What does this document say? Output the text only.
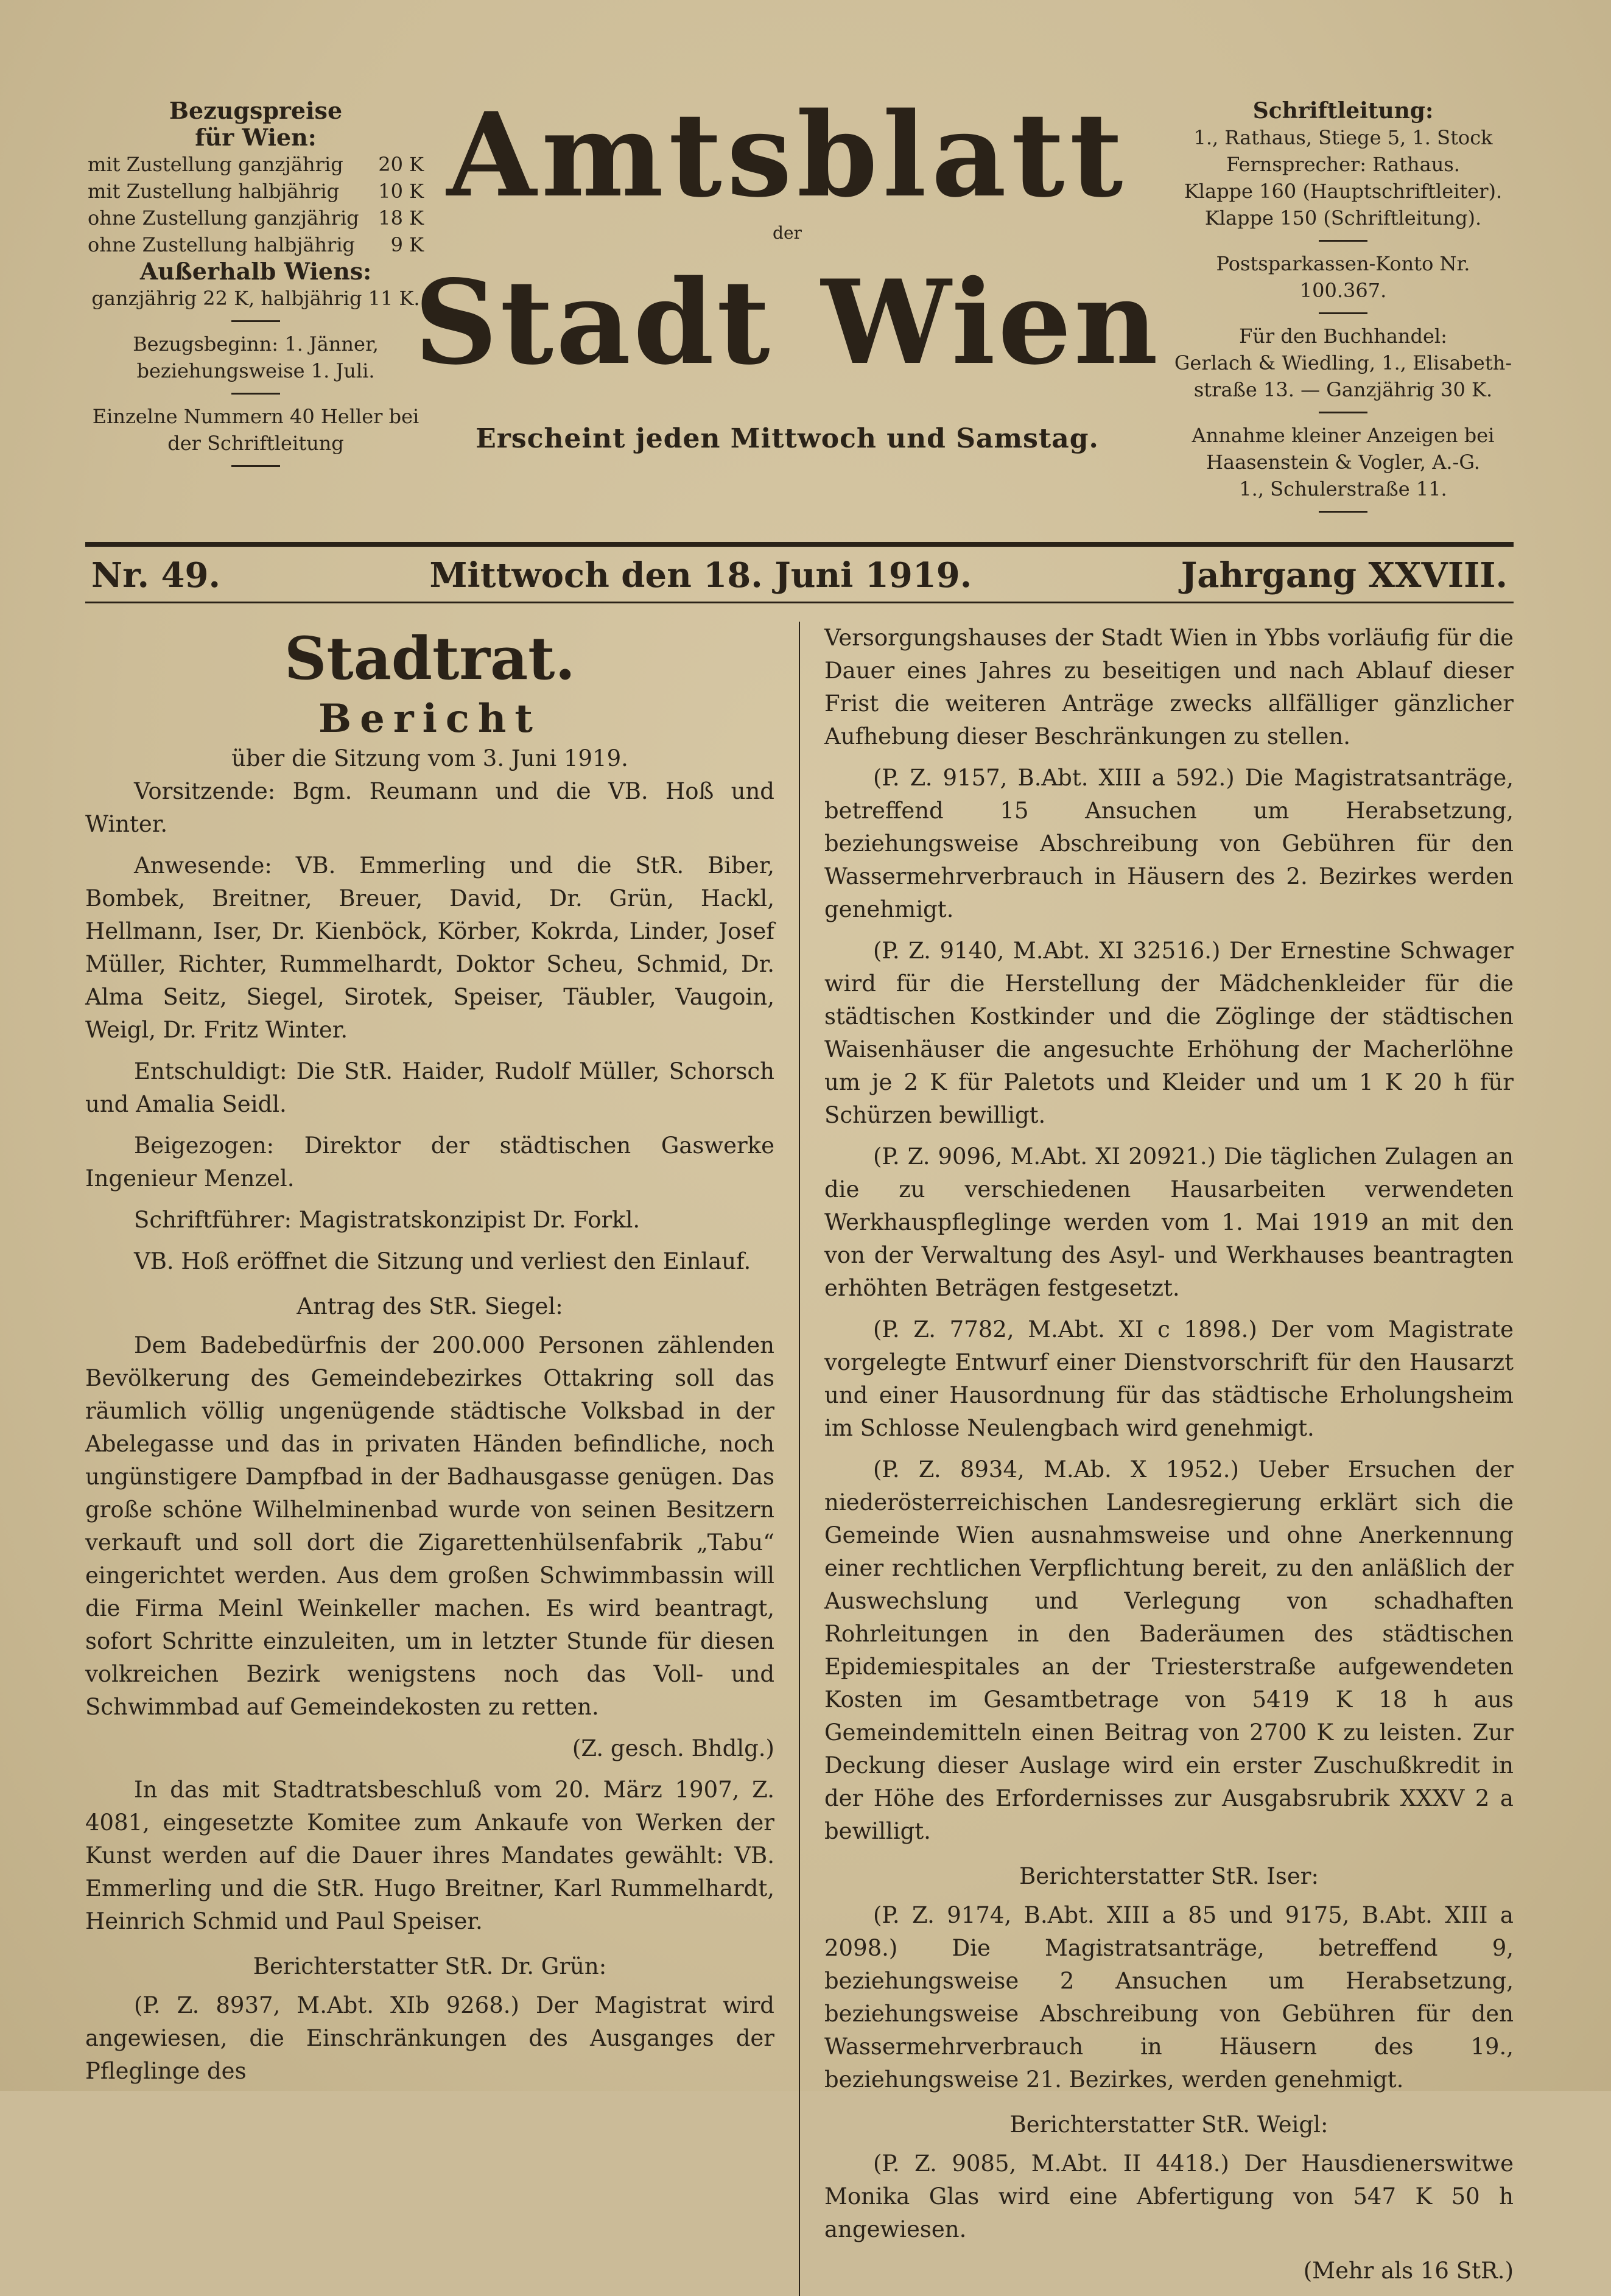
Bezugspreise
für Wien:
mit Zustellung ganzjährig 20 K
mit Zustellung halbjährig 10 K
ohne Zustellung ganzjährig 18 K
ohne Zustellung halbjährig 9 K
Außerhalb Wiens:
ganzjährig 22 K, halbjährig 11 K.
Bezugsbeginn: 1. Jänner,
beziehungsweise 1. Juli.
Einzelne Nummern 40 Heller bei
der Schriftleitung
Amtsblatt
der
Stadt Wien
Erscheint jeden Mittwoch und Samstag.
Schriftleitung:
1., Rathaus, Stiege 5, 1. Stock
Fernsprecher: Rathaus.
Klappe 160 (Hauptschriftleiter).
Klappe 150 (Schriftleitung).
Postsparkassen-Konto Nr. 100.367.
Für den Buchhandel:
Gerlach & Wiedling, 1., Elisabeth-
straße 13. — Ganzjährig 30 K.
Annahme kleiner Anzeigen bei
Haasenstein & Vogler, A.-G.
1., Schulerstraße 11.
Nr. 49.	Mittwoch den 18. Juni 1919.	Jahrgang XXVIII.
Stadtrat.
Bericht
über die Sitzung vom 3. Juni 1919.

Vorsitzende: Bgm. Reumann und die VB. Hoß und Winter.

Anwesende: VB. Emmerling und die StR. Biber, Bombek, Breitner, Breuer, David, Dr. Grün, Hackl, Hellmann, Iser, Dr. Kienböck, Körber, Kokrda, Linder, Josef Müller, Richter, Rummelhardt, Doktor Scheu, Schmid, Dr. Alma Seitz, Siegel, Sirotek, Speiser, Täubler, Vaugoin, Weigl, Dr. Fritz Winter.

Entschuldigt: Die StR. Haider, Rudolf Müller, Schorsch und Amalia Seidl.

Beigezogen: Direktor der städtischen Gaswerke Ingenieur Menzel.

Schriftführer: Magistratskonzipist Dr. Forkl.

VB. Hoß eröffnet die Sitzung und verliest den Einlauf.

Antrag des StR. Siegel:

Dem Badebedürfnis der 200.000 Personen zählenden Bevölkerung des Gemeindebezirkes Ottakring soll das räumlich völlig ungenügende städtische Volksbad in der Abelegasse und das in privaten Händen befindliche, noch ungünstigere Dampfbad in der Badhausgasse genügen. Das große schöne Wilhelminenbad wurde von seinen Besitzern verkauft und soll dort die Zigarettenhülsenfabrik „Tabu“ eingerichtet werden. Aus dem großen Schwimmbassin will die Firma Meinl Weinkeller machen. Es wird beantragt, sofort Schritte einzuleiten, um in letzter Stunde für diesen volkreichen Bezirk wenigstens noch das Voll- und Schwimmbad auf Gemeindekosten zu retten.

(Z. gesch. Bhdlg.)

In das mit Stadtratsbeschluß vom 20. März 1907, Z. 4081, eingesetzte Komitee zum Ankaufe von Werken der Kunst werden auf die Dauer ihres Mandates gewählt: VB. Emmerling und die StR. Hugo Breitner, Karl Rummelhardt, Heinrich Schmid und Paul Speiser.

Berichterstatter StR. Dr. Grün:

(P. Z. 8937, M.Abt. XIb 9268.) Der Magistrat wird angewiesen, die Einschränkungen des Ausganges der Pfleglinge des

Versorgungshauses der Stadt Wien in Ybbs vorläufig für die Dauer eines Jahres zu beseitigen und nach Ablauf dieser Frist die weiteren Anträge zwecks allfälliger gänzlicher Aufhebung dieser Beschränkungen zu stellen.

(P. Z. 9157, B.Abt. XIII a 592.) Die Magistratsanträge, betreffend 15 Ansuchen um Herabsetzung, beziehungsweise Abschreibung von Gebühren für den Wassermehrverbrauch in Häusern des 2. Bezirkes werden genehmigt.

(P. Z. 9140, M.Abt. XI 32516.) Der Ernestine Schwager wird für die Herstellung der Mädchenkleider für die städtischen Kostkinder und die Zöglinge der städtischen Waisenhäuser die angesuchte Erhöhung der Macherlöhne um je 2 K für Paletots und Kleider und um 1 K 20 h für Schürzen bewilligt.

(P. Z. 9096, M.Abt. XI 20921.) Die täglichen Zulagen an die zu verschiedenen Hausarbeiten verwendeten Werkhauspfleglinge werden vom 1. Mai 1919 an mit den von der Verwaltung des Asyl- und Werkhauses beantragten erhöhten Beträgen festgesetzt.

(P. Z. 7782, M.Abt. XI c 1898.) Der vom Magistrate vorgelegte Entwurf einer Dienstvorschrift für den Hausarzt und einer Hausordnung für das städtische Erholungsheim im Schlosse Neulengbach wird genehmigt.

(P. Z. 8934, M.Ab. X 1952.) Ueber Ersuchen der niederösterreichischen Landesregierung erklärt sich die Gemeinde Wien ausnahmsweise und ohne Anerkennung einer rechtlichen Verpflichtung bereit, zu den anläßlich der Auswechslung und Verlegung von schadhaften Rohrleitungen in den Baderäumen des städtischen Epidemiespitales an der Triesterstraße aufgewendeten Kosten im Gesamtbetrage von 5419 K 18 h aus Gemeindemitteln einen Beitrag von 2700 K zu leisten. Zur Deckung dieser Auslage wird ein erster Zuschußkredit in der Höhe des Erfordernisses zur Ausgabsrubrik XXXV 2 a bewilligt.

Berichterstatter StR. Iser:

(P. Z. 9174, B.Abt. XIII a 85 und 9175, B.Abt. XIII a 2098.) Die Magistratsanträge, betreffend 9, beziehungsweise 2 Ansuchen um Herabsetzung, beziehungsweise Abschreibung von Gebühren für den Wassermehrverbrauch in Häusern des 19., beziehungsweise 21. Bezirkes, werden genehmigt.

Berichterstatter StR. Weigl:

(P. Z. 9085, M.Abt. II 4418.) Der Hausdienerswitwe Monika Glas wird eine Abfertigung von 547 K 50 h angewiesen.

(Mehr als 16 StR.)
